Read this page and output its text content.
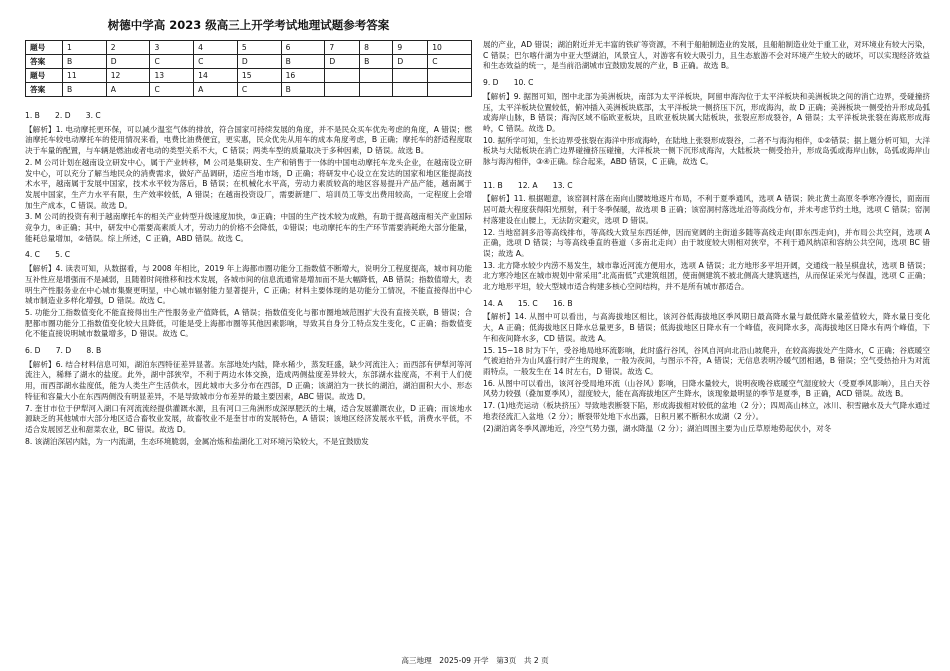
树德中学高 2023 级高三上开学考试地理试题参考答案
题号	1	2	3	4	5	6	7	8	9	10
答案	B	D	C	C	D	B	D	B	D	C
题号	11	12	13	14	15	16				
答案	B	A	C	A	C	B				

1. B　　2. D　　3. C

【解析】1. 电动摩托更环保，可以减少温室气体的排放，符合国家可持续发展的角度，并不是民众买车优先考虑的角度，A 错误；燃油摩托车较电动摩托车的使用情况来看，电费比油费便宜，更实惠，民众优先从用车的成本角度考虑，B 正确；摩托车的舒适程度取决于车量的配置，与车辆是燃油或者电动的类型关系不大，C 错误；两类车型的质量取决于多种因素，D 错误。故选 B。

2. M 公司计划在越南设立研发中心，属于产业转移，M 公司是集研发、生产和销售于一体的中国电动摩托车龙头企业，在越南设立研发中心，可以充分了解当地民众的消费需求，做好产品调研，适应当地市场，D 正确；将研发中心设立在发达的国家和地区能提高技术水平，越南属于发展中国家，技术水平较为落后，B 错误；在机械化水平高，劳动力素质较高的地区容易提升产品产能，越南属于发展中国家，生产力水平有限，生产效率较低，A 错误；在越南投资设厂，需要新建厂、培训员工等支出费用较高，一定程度上会增加生产成本，C 错误。故选 D。

3. M 公司的投资有利于越南摩托车的相关产业转型升级速度加快，③正确；中国的生产技术较为成熟，有助于提高越南相关产业国际竞争力，④正确；其中，研发中心需要高素质人才，劳动力的价格不会降低，①错误；电动摩托车的生产环节需要消耗绝大部分能量，能耗总量增加，②错误。综上所述，C 正确，ABD 错误。故选 C。

4. C　　5. C

【解析】4. 读表可知，从数据看，与 2008 年相比，2019 年上海都市圈功能分工指数值不断增大，说明分工程度提高，城市间功能互补性应是增强而不是减弱，且随着时间推移和技术发展，各城市间的信息流通常是增加而不是大幅降低，AB 错误；指数值增大，表明生产性服务业在中心城市集聚更明显，中心城市辐射能力显著提升，C 正确；材料主要体现的是功能分工情况，不能直接得出中心城市制造业多样化增强，D 错误。故选 C。

5. 功能分工指数值变化不能直接得出生产性服务业产值降低，A 错误；指数值变化与都市圈地域范围扩大没有直接关联，B 错误；合肥都市圈功能分工指数值变化较大且降低，可能是受上海都市圈等其他因素影响，导致其自身分工特点发生变化，C 正确；指数值变化不能直接说明城市数量增多，D 错误。故选 C。

6. D　　7. D　　8. B

【解析】6. 结合材料信息可知，湖泊东西特征差异显著。东部地处内陆，降水稀少，蒸发旺盛，缺少河流注入；而西部有伊犁河等河流注入，稀释了湖水的盐度。此外，湖中部狭窄，不利于两边水体交换，造成两侧盐度差异较大，东部湖水盐度高，不利于人们使用，而西部湖水盐度低，能为人类生产生活供水，因此城市大多分布在西部，D 正确；该湖泊为一狭长的湖泊，湖泊面积大小、形态特征和容量大小在东西两侧没有明显差异，不是导致城市分布差异的最主要因素，ABC 错误。故选 D。

7. 奎甘市位于伊犁河入湖口有河流流经提供灌溉水源，且有河口三角洲形成深厚肥沃的土壤，适合发展灌溉农业，D 正确；而该地水源缺乏的其他城市大部分地区适合畜牧业发展，故畜牧业不是奎甘市的发展特色，A 错误；该地区经济发展水平低，消费水平低，不适合发展园艺业和甜菜农业，BC 错误。故选 D。

8. 该湖泊深居内陆，为一内流湖，生态环境脆弱，金属冶炼和盐湖化工对环境污染较大，不是宜鼓励发

展的产业，AD 错误；湖泊附近并无丰富的铁矿等资源，不利于船舶制造业的发展，且船舶制造业处于重工业，对环境业有较大污染，C 错误；巴尔喀什湖为中亚大型湖泊，风景宜人，对游客有较大吸引力，且生态旅游不会对环境产生较大的破坏，可以实现经济效益和生态效益的统一，是当前沿湖城市宜鼓励发展的产业，B 正确。故选 B。

9. D　　10. C

【解析】9. 据图可知，图中北部为美洲板块，南部为太平洋板块，阿留申海沟位于太平洋板块和美洲板块之间的消亡边界，受碰撞挤压，太平洋板块位置较低，俯冲插入美洲板块底部，太平洋板块一侧挤压下沉，形成海沟，故 D 正确；美洲板块一侧受抬升形成岛弧或海岸山脉，B 错误；海沟区域不临欧亚板块，且欧亚板块属大陆板块，张裂应形成裂谷，A 错误；太平洋板块张裂在海底形成海岭，C 错误。故选 D。

10. 据所学可知，生长边界受张裂在海洋中形成海岭，在陆地上张裂形成裂谷，二者不与海沟相伴，①②错误；据上题分析可知，大洋板块与大陆板块在消亡边界碰撞挤压碰撞，大洋板块一侧下沉形成海沟，大陆板块一侧受抬升，形成岛弧或海岸山脉，岛弧或海岸山脉与海沟相伴，③④正确。综合起来，ABD 错误，C 正确，故选 C。

11. B　　12. A　　13. C

【解析】11. 根据题意，该窑洞村落在南向山腰坡地逐片布局，不利于夏季通风，选项 A 错误；陕北黄土高原冬季寒冷漫长，面南而居可最大程度获得阳光照射，利于冬季保暖，故选项 B 正确；该窑洞村落选址沿等高线分布，并未考虑节约土地，选项 C 错误；窑洞村落建设在山腰上，无法防灾避灾，选项 D 错误。

12. 当地窑洞多沿等高线排布，等高线大致呈东西延伸，因而宽阔的主街道多随等高线走向(即东西走向)，并布局公共空间，选项 A 正确，选项 D 错误；与等高线垂直的巷道（多南北走向）由于坡度较大则相对狭窄，不利于通风纳凉和容纳公共空间，选项 BC 错误；故选 A。

13. 北方降水较少内涝不易发生，城市靠近河流方便用水，选项 A 错误；北方地形多平坦开阔，交通线一般呈棋盘状，选项 B 错误；北方寒冷地区在城市规划中常采用“北高南低”式建筑组团，使南侧建筑不被北侧高大建筑遮挡，从而保证采光与保温，选项 C 正确；北方地形平坦，较大型城市适合构建多核心空间结构，并不是所有城市都适合。

14. A　　15. C　　16. B

【解析】14. 从图中可以看出，与高海拔地区相比，该河谷低海拔地区季风期日最高降水量与最低降水量差值较大，降水量日变化大，A 正确；低海拔地区日降水总量更多，B 错误；低海拔地区日降水有一个峰值，夜间降水多，高海拔地区日降水有两个峰值，下午和夜间降水多，CD 错误。故选 A。

15. 15−18 时为下午，受谷地局地环流影响，此时盛行谷风，谷风自河向北沿山坡爬升，在较高海拔处产生降水，C 正确；谷底暖空气被迫抬升为山风盛行时产生的现象，一般为夜间，与图示不符，A 错误；无信息表明冷暖气团相遇，B 错误；空气受热抬升为对流雨特点，一般发生在 14 时左右，D 错误。故选 C。

16. 从图中可以看出，该河谷受局地环流（山谷风）影响，日降水量较大，说明夜晚谷底暖空气湿度较大（受夏季风影响），且白天谷风势力较强（叠加夏季风），湿度较大，能在高海拔地区产生降水，该现象最明显的季节是夏季，B 正确，ACD 错误。故选 B。

17. (1)地壳运动（板块挤压）导致地表断裂下陷，形成海拔相对较低的盆地（2 分）；四周高山林立，冰川、积雪融水及大气降水通过地表径流汇入盆地（2 分）；断裂带处地下水出露，日积月累不断积水成湖（2 分）。

(2)湖泊离冬季风源地近，冷空气势力强，湖水降温（2 分）；湖泊周围主要为山丘草原地势起伏小，对冬

高三地理　2025-09 开学　第3页　共 2 页
